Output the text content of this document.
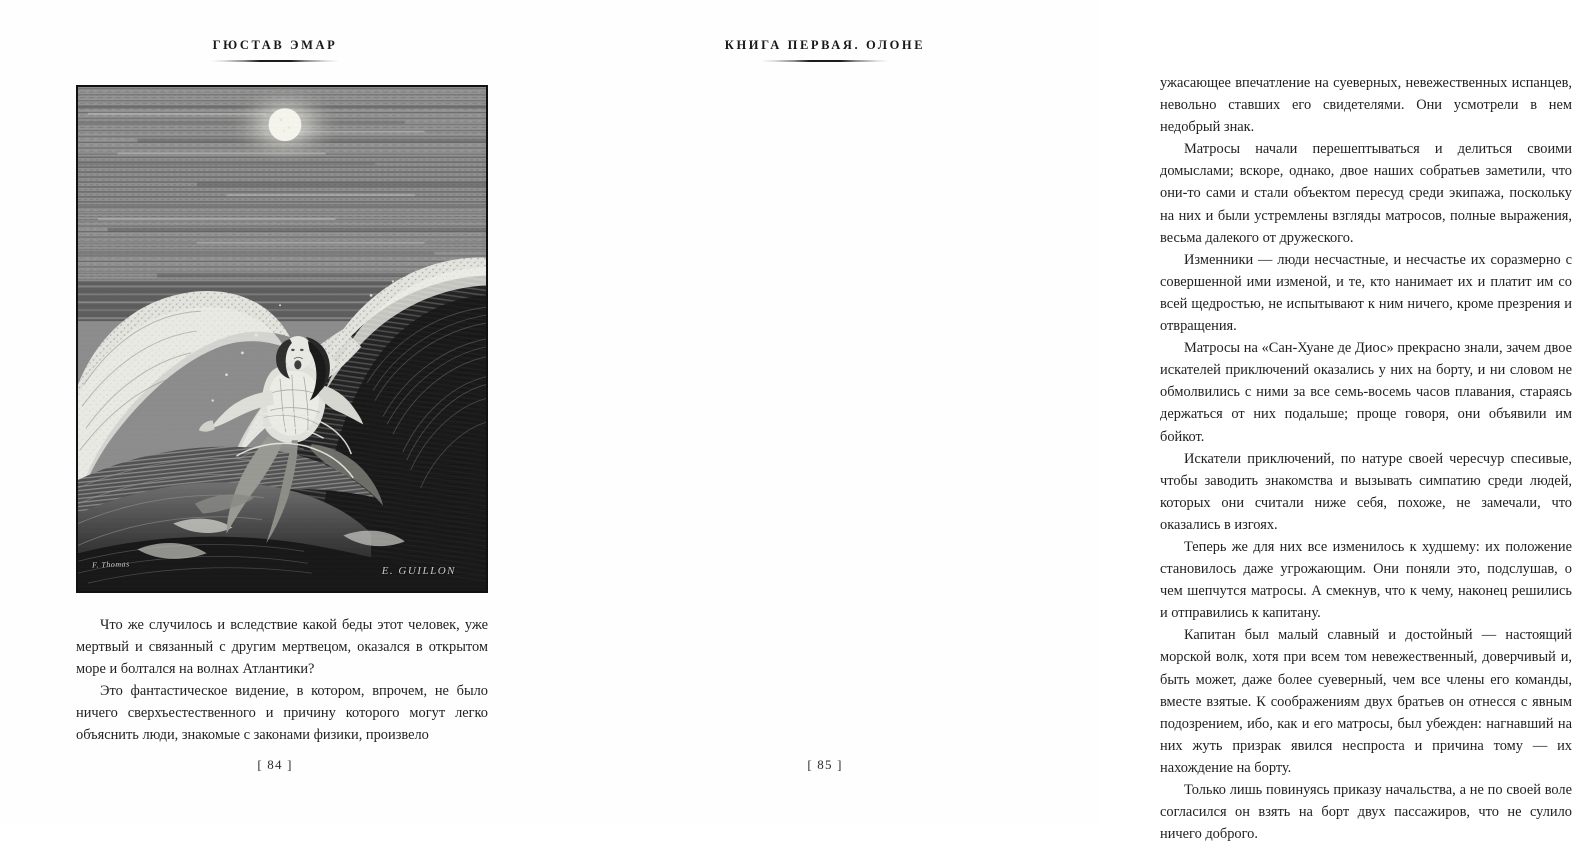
ГЮСТАВ ЭМАР
F. Thomas
E. GUILLON

Что же случилось и вследствие какой беды этот человек, уже мертвый и связанный с другим мертвецом, оказался в открытом море и болтался на волнах Атлантики?

Это фантастическое видение, в котором, впрочем, не было ничего сверхъестественного и причину которого могут легко объяснить люди, знакомые с законами физики, произвело

[ 84 ]
КНИГА ПЕРВАЯ. ОЛОНЕ

ужасающее впечатление на суеверных, невежественных испанцев, невольно ставших его свидетелями. Они усмотрели в нем недобрый знак.

Матросы начали перешептываться и делиться своими домыслами; вскоре, однако, двое наших собратьев заметили, что они-то сами и стали объектом пересуд среди экипажа, поскольку на них и были устремлены взгляды матросов, полные выражения, весьма далекого от дружеского.

Изменники — люди несчастные, и несчастье их соразмерно с совершенной ими изменой, и те, кто нанимает их и платит им со всей щедростью, не испытывают к ним ничего, кроме презрения и отвращения.

Матросы на «Сан-Хуане де Диос» прекрасно знали, зачем двое искателей приключений оказались у них на борту, и ни словом не обмолвились с ними за все семь-восемь часов плавания, стараясь держаться от них подальше; проще говоря, они объявили им бойкот.

Искатели приключений, по натуре своей чересчур спесивые, чтобы заводить знакомства и вызывать симпатию среди людей, которых они считали ниже себя, похоже, не замечали, что оказались в изгоях.

Теперь же для них все изменилось к худшему: их положение становилось даже угрожающим. Они поняли это, подслушав, о чем шепчутся матросы. А смекнув, что к чему, наконец решились и отправились к капитану.

Капитан был малый славный и достойный — настоящий морской волк, хотя при всем том невежественный, доверчивый и, быть может, даже более суеверный, чем все члены его команды, вместе взятые. К соображениям двух братьев он отнесся с явным подозрением, ибо, как и его матросы, был убежден: нагнавший на них жуть призрак явился неспроста и причина тому — их нахождение на борту.

Только лишь повинуясь приказу начальства, а не по своей воле согласился он взять на борт двух пассажиров, что не сулило ничего доброго.

[ 85 ]
